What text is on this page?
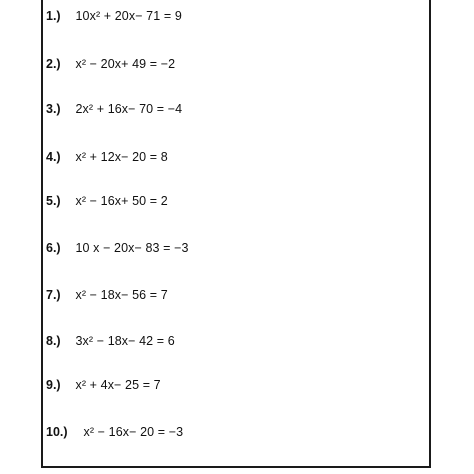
1.) 10x² + 20x− 71 = 9
2.) x² − 20x+ 49 = −2
3.) 2x² + 16x− 70 = −4
4.) x² + 12x− 20 = 8
5.) x² − 16x+ 50 = 2
6.) 10 x − 20x− 83 = −3
7.) x² − 18x− 56 = 7
8.) 3x² − 18x− 42 = 6
9.) x² + 4x− 25 = 7
10.) x² − 16x− 20 = −3
